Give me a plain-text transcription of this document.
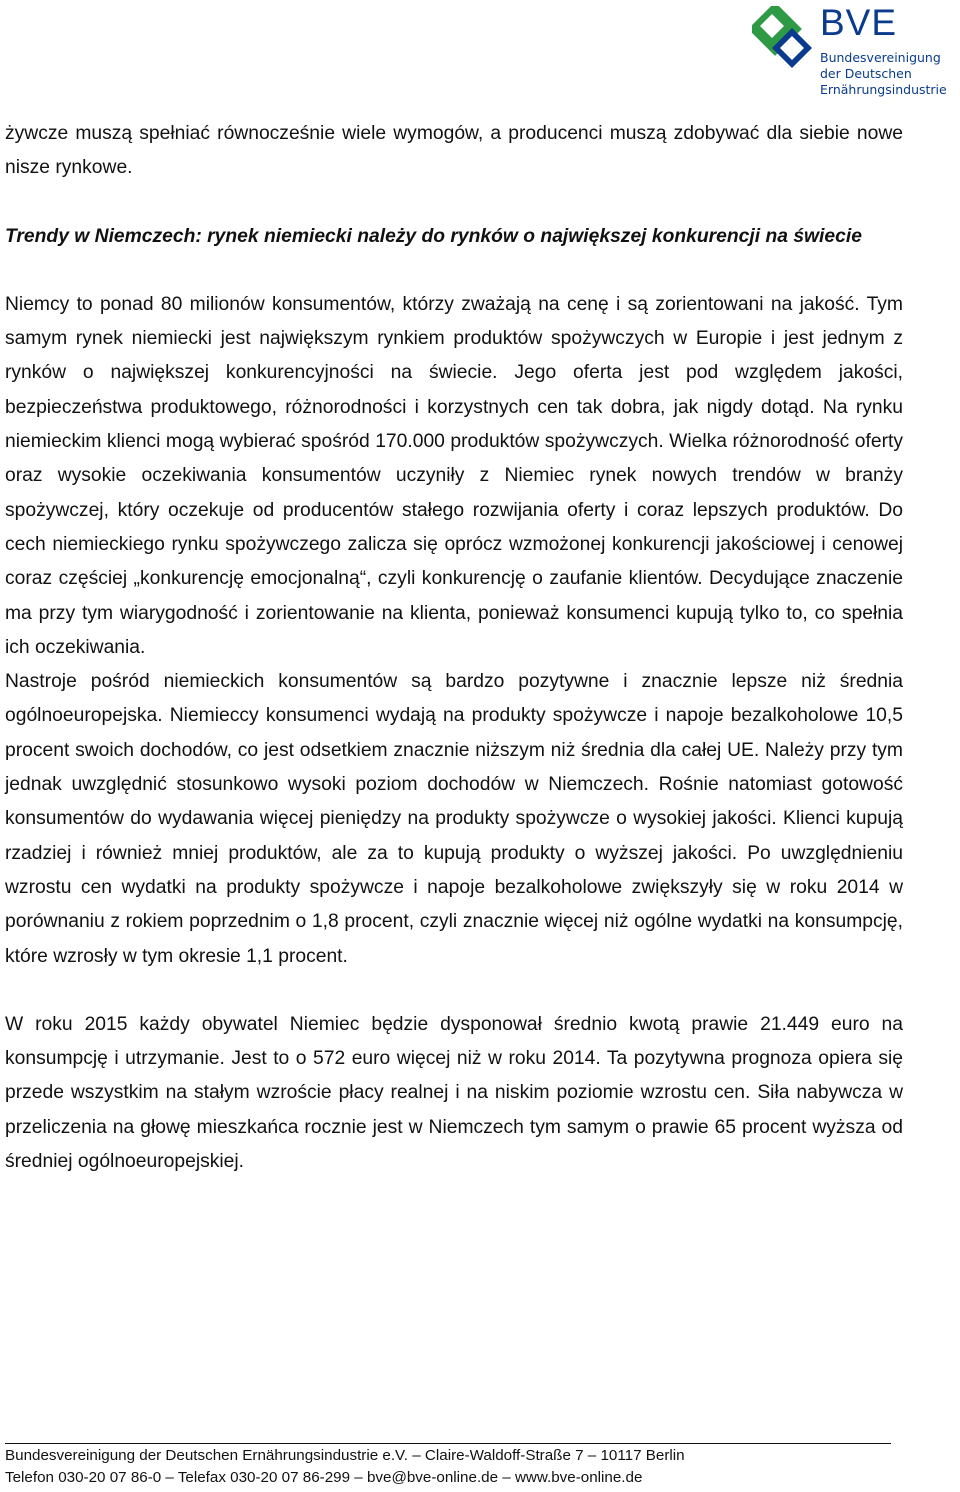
BVE
Bundesvereinigung
der Deutschen
Ernährungsindustrie

żywcze muszą spełniać równocześnie wiele wymogów, a producenci muszą zdobywać dla siebie nowe nisze rynkowe.

Trendy w Niemczech: rynek niemiecki należy do rynków o największej konkurencji na świecie

Niemcy to ponad 80 milionów konsumentów, którzy zważają na cenę i są zorientowani na jakość. Tym samym rynek niemiecki jest największym rynkiem produktów spożywczych w Europie i jest jednym z rynków o największej konkurencyjności na świecie. Jego oferta jest pod względem jakości, bezpieczeństwa produktowego, różnorodności i korzystnych cen tak dobra, jak nigdy dotąd. Na rynku niemieckim klienci mogą wybierać spośród 170.000 produktów spożywczych. Wielka różnorodność oferty oraz wysokie oczekiwania konsumentów uczyniły z Niemiec rynek nowych trendów w branży spożywczej, który oczekuje od producentów stałego rozwijania oferty i coraz lepszych produktów. Do cech niemieckiego rynku spożywczego zalicza się oprócz wzmożonej konkurencji jakościowej i cenowej coraz częściej „konkurencję emocjonalną“, czyli konkurencję o zaufanie klientów. Decydujące znaczenie ma przy tym wiarygodność i zorientowanie na klienta, ponieważ konsumenci kupują tylko to, co spełnia ich oczekiwania.

Nastroje pośród niemieckich konsumentów są bardzo pozytywne i znacznie lepsze niż średnia ogólnoeuropejska. Niemieccy konsumenci wydają na produkty spożywcze i napoje bezalkoholowe 10,5 procent swoich dochodów, co jest odsetkiem znacznie niższym niż średnia dla całej UE. Należy przy tym jednak uwzględnić stosunkowo wysoki poziom dochodów w Niemczech. Rośnie natomiast gotowość konsumentów do wydawania więcej pieniędzy na produkty spożywcze o wysokiej jakości. Klienci kupują rzadziej i również mniej produktów, ale za to kupują produkty o wyższej jakości. Po uwzględnieniu wzrostu cen wydatki na produkty spożywcze i napoje bezalkoholowe zwiększyły się w roku 2014 w porównaniu z rokiem poprzednim o 1,8 procent, czyli znacznie więcej niż ogólne wydatki na konsumpcję, które wzrosły w tym okresie 1,1 procent.

W roku 2015 każdy obywatel Niemiec będzie dysponował średnio kwotą prawie 21.449 euro na konsumpcję i utrzymanie. Jest to o 572 euro więcej niż w roku 2014. Ta pozytywna prognoza opiera się przede wszystkim na stałym wzroście płacy realnej i na niskim poziomie wzrostu cen. Siła nabywcza w przeliczenia na głowę mieszkańca rocznie jest w Niemczech tym samym o prawie 65 procent wyższa od średniej ogólnoeuropejskiej.

Bundesvereinigung der Deutschen Ernährungsindustrie e.V. – Claire-Waldoff-Straße 7 – 10117 Berlin
Telefon 030-20 07 86-0 – Telefax 030-20 07 86-299 – bve@bve-online.de – www.bve-online.de
